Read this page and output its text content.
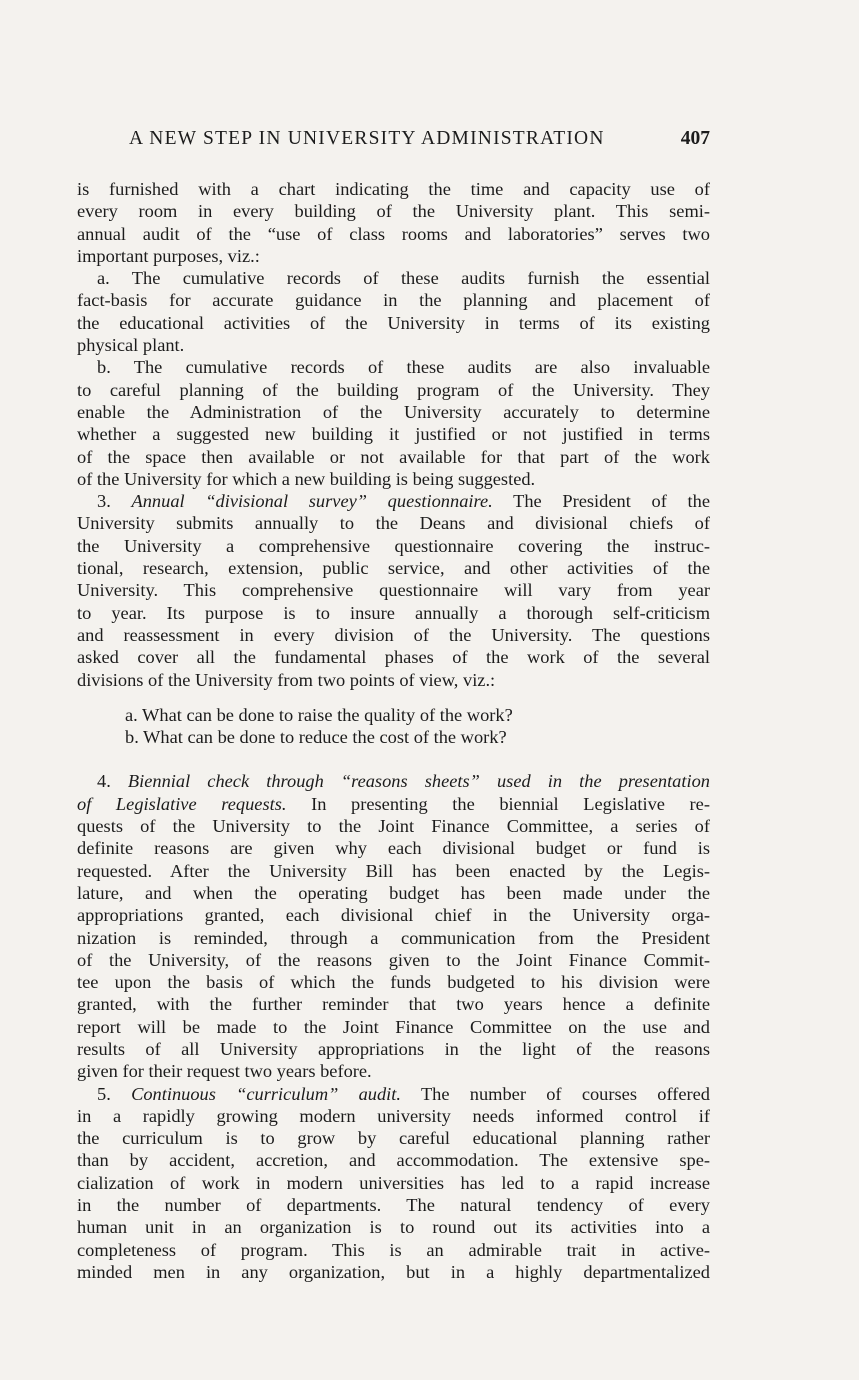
A NEW STEP IN UNIVERSITY ADMINISTRATION	407
is furnished with a chart indicating the time and capacity use of
every room in every building of the University plant. This semi-
annual audit of the “use of class rooms and laboratories” serves two
important purposes, viz.:
a. The cumulative records of these audits furnish the essential
fact-basis for accurate guidance in the planning and placement of
the educational activities of the University in terms of its existing
physical plant.
b. The cumulative records of these audits are also invaluable
to careful planning of the building program of the University. They
enable the Administration of the University accurately to determine
whether a suggested new building it justified or not justified in terms
of the space then available or not available for that part of the work
of the University for which a new building is being suggested.
3. Annual “divisional survey” questionnaire. The President of the
University submits annually to the Deans and divisional chiefs of
the University a comprehensive questionnaire covering the instruc-
tional, research, extension, public service, and other activities of the
University. This comprehensive questionnaire will vary from year
to year. Its purpose is to insure annually a thorough self-criticism
and reassessment in every division of the University. The questions
asked cover all the fundamental phases of the work of the several
divisions of the University from two points of view, viz.:
a. What can be done to raise the quality of the work?
b. What can be done to reduce the cost of the work?
4. Biennial check through “reasons sheets” used in the presentation
of Legislative requests. In presenting the biennial Legislative re-
quests of the University to the Joint Finance Committee, a series of
definite reasons are given why each divisional budget or fund is
requested. After the University Bill has been enacted by the Legis-
lature, and when the operating budget has been made under the
appropriations granted, each divisional chief in the University orga-
nization is reminded, through a communication from the President
of the University, of the reasons given to the Joint Finance Commit-
tee upon the basis of which the funds budgeted to his division were
granted, with the further reminder that two years hence a definite
report will be made to the Joint Finance Committee on the use and
results of all University appropriations in the light of the reasons
given for their request two years before.
5. Continuous “curriculum” audit. The number of courses offered
in a rapidly growing modern university needs informed control if
the curriculum is to grow by careful educational planning rather
than by accident, accretion, and accommodation. The extensive spe-
cialization of work in modern universities has led to a rapid increase
in the number of departments. The natural tendency of every
human unit in an organization is to round out its activities into a
completeness of program. This is an admirable trait in active-
minded men in any organization, but in a highly departmentalized
